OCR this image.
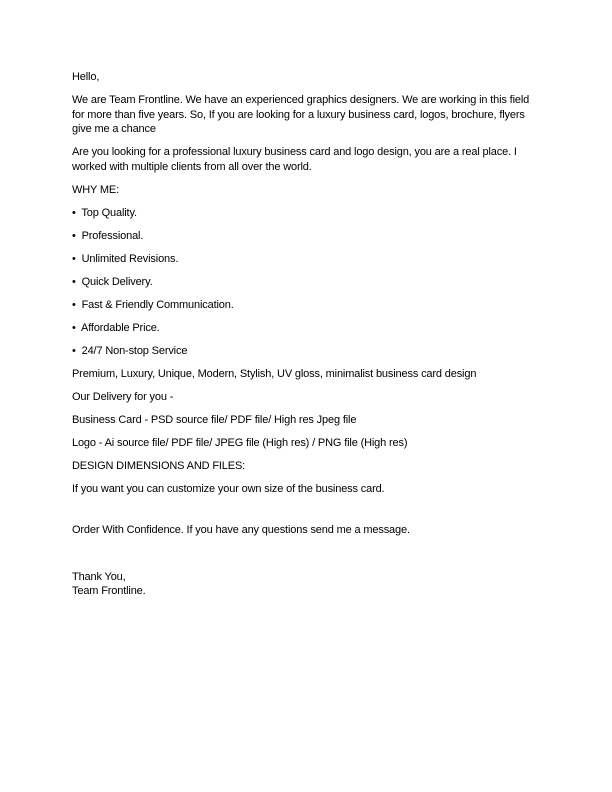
Hello,

We are Team Frontline. We have an experienced graphics designers. We are working in this field for more than five years. So, If you are looking for a luxury business card, logos, brochure, flyers give me a chance

Are you looking for a professional luxury business card and logo design, you are a real place. I worked with multiple clients from all over the world.

WHY ME:

• Top Quality.

• Professional.

• Unlimited Revisions.

• Quick Delivery.

• Fast & Friendly Communication.

• Affordable Price.

• 24/7 Non-stop Service

Premium, Luxury, Unique, Modern, Stylish, UV gloss, minimalist business card design

Our Delivery for you -

Business Card - PSD source file/ PDF file/ High res Jpeg file

Logo - Ai source file/ PDF file/ JPEG file (High res) / PNG file (High res)

DESIGN DIMENSIONS AND FILES:

If you want you can customize your own size of the business card.

Order With Confidence. If you have any questions send me a message.

Thank You,
Team Frontline.
